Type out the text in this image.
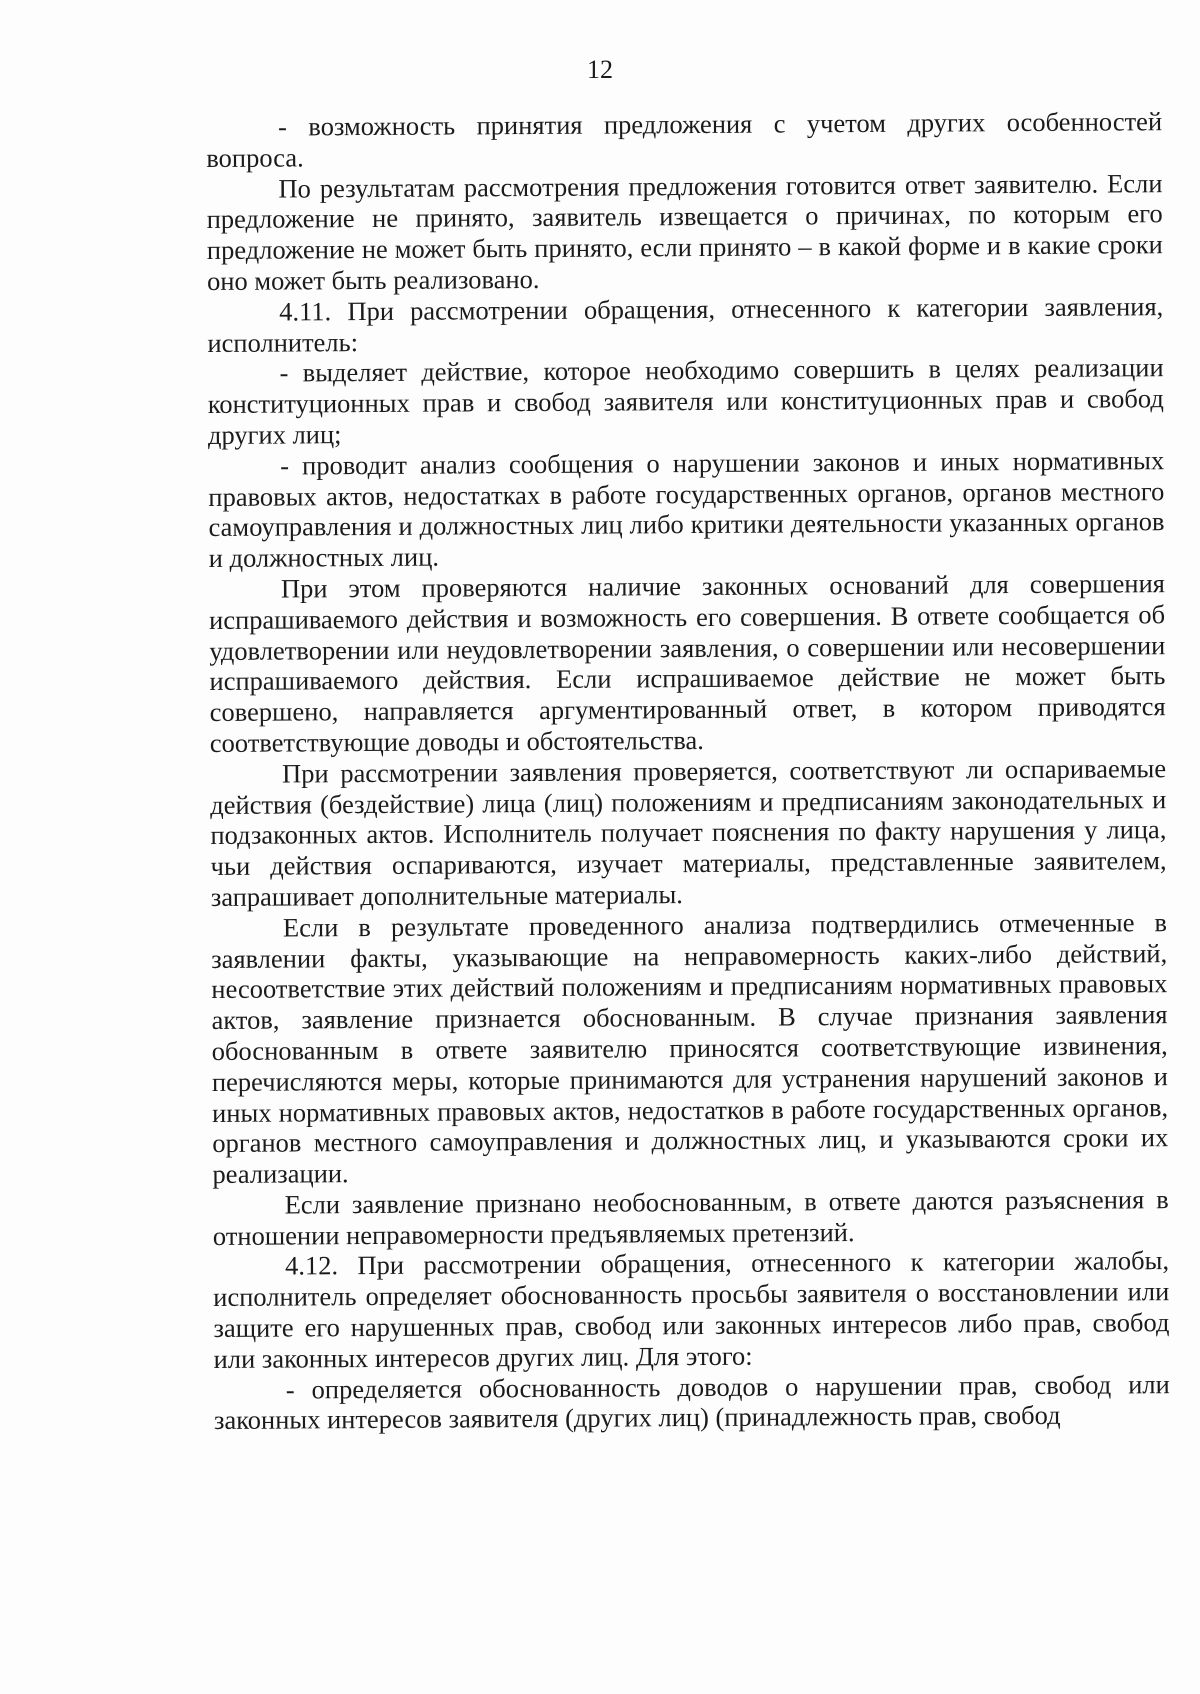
12

- возможность принятия предложения с учетом других особенностей вопроса.

По результатам рассмотрения предложения готовится ответ заявителю. Если предложение не принято, заявитель извещается о причинах, по которым его предложение не может быть принято, если принято – в какой форме и в какие сроки оно может быть реализовано.

4.11. При рассмотрении обращения, отнесенного к категории заявления, исполнитель:

- выделяет действие, которое необходимо совершить в целях реализации конституционных прав и свобод заявителя или конституционных прав и свобод других лиц;

- проводит анализ сообщения о нарушении законов и иных нормативных правовых актов, недостатках в работе государственных органов, органов местного самоуправления и должностных лиц либо критики деятельности указанных органов и должностных лиц.

При этом проверяются наличие законных оснований для совершения испрашиваемого действия и возможность его совершения. В ответе сообщается об удовлетворении или неудовлетворении заявления, о совершении или несовершении испрашиваемого действия. Если испрашиваемое действие не может быть совершено, направляется аргументированный ответ, в котором приводятся соответствующие доводы и обстоятельства.

При рассмотрении заявления проверяется, соответствуют ли оспариваемые действия (бездействие) лица (лиц) положениям и предписаниям законодательных и подзаконных актов. Исполнитель получает пояснения по факту нарушения у лица, чьи действия оспариваются, изучает материалы, представленные заявителем, запрашивает дополнительные материалы.

Если в результате проведенного анализа подтвердились отмеченные в заявлении факты, указывающие на неправомерность каких-либо действий, несоответствие этих действий положениям и предписаниям нормативных правовых актов, заявление признается обоснованным. В случае признания заявления обоснованным в ответе заявителю приносятся соответствующие извинения, перечисляются меры, которые принимаются для устранения нарушений законов и иных нормативных правовых актов, недостатков в работе государственных органов, органов местного самоуправления и должностных лиц, и указываются сроки их реализации.

Если заявление признано необоснованным, в ответе даются разъяснения в отношении неправомерности предъявляемых претензий.

4.12. При рассмотрении обращения, отнесенного к категории жалобы, исполнитель определяет обоснованность просьбы заявителя о восстановлении или защите его нарушенных прав, свобод или законных интересов либо прав, свобод или законных интересов других лиц. Для этого:

- определяется обоснованность доводов о нарушении прав, свобод или законных интересов заявителя (других лиц) (принадлежность прав, свобод
